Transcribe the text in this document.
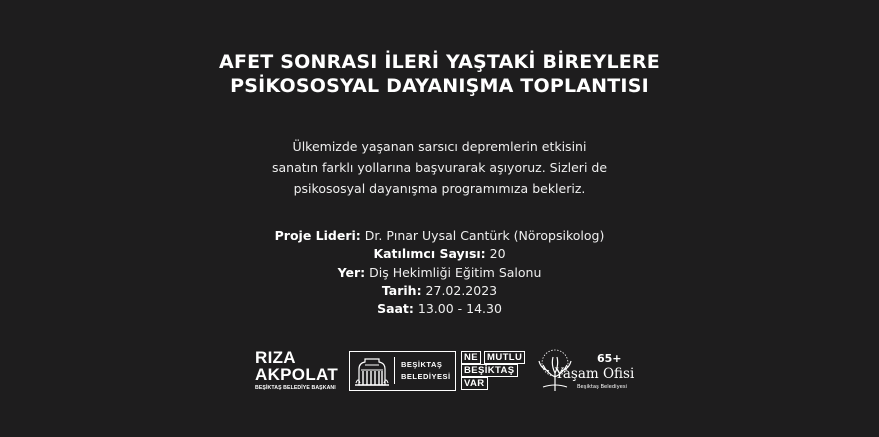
AFET SONRASI İLERİ YAŞTAKİ BİREYLERE
PSİKOSOSYAL DAYANIŞMA TOPLANTISI
Ülkemizde yaşanan sarsıcı depremlerin etkisini
sanatın farklı yollarına başvurarak aşıyoruz. Sizleri de
psikososyal dayanışma programımıza bekleriz.
Proje Lideri: Dr. Pınar Uysal Cantürk (Nöropsikolog)
Katılımcı Sayısı: 20
Yer: Diş Hekimliği Eğitim Salonu
Tarih: 27.02.2023
Saat: 13.00 - 14.30
RIZA
AKPOLAT
BEŞİKTAŞ BELEDİYE BAŞKANI
BEŞİKTAŞ
BELEDİYESİ
NE MUTLU
BEŞİKTAŞ
VAR
65+
Yaşam Ofisi
Beşiktaş Belediyesi
